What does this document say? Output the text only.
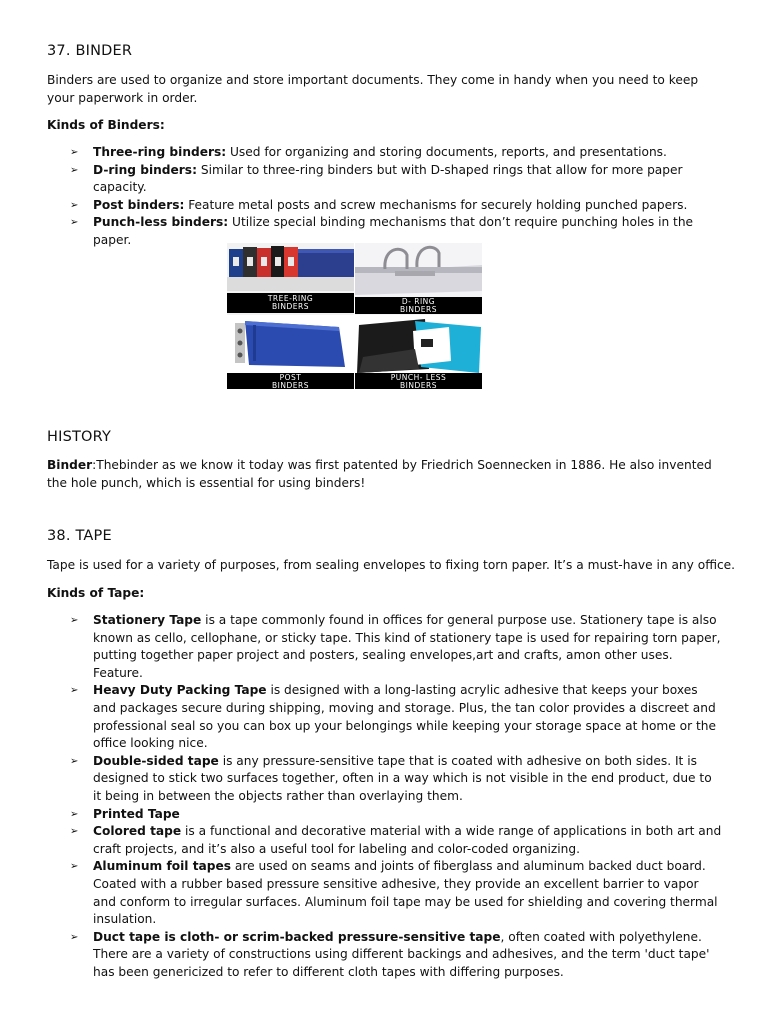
37. BINDER

Binders are used to organize and store important documents. They come in handy when you need to keep your paperwork in order.

Kinds of Binders:

➢ Three-ring binders: Used for organizing and storing documents, reports, and presentations.
➢ D-ring binders: Similar to three-ring binders but with D-shaped rings that allow for more paper capacity.
➢ Post binders: Feature metal posts and screw mechanisms for securely holding punched papers.
➢ Punch-less binders: Utilize special binding mechanisms that don’t require punching holes in the paper.
TREE-RING
BINDERS	D- RING
BINDERS
POST
BINDERS
PUNCH- LESS
BINDERS
HISTORY

Binder:Thebinder as we know it today was first patented by Friedrich Soennecken in 1886. He also invented the hole punch, which is essential for using binders!

38. TAPE

Tape is used for a variety of purposes, from sealing envelopes to fixing torn paper. It’s a must-have in any office.

Kinds of Tape:

➢ Stationery Tape is a tape commonly found in offices for general purpose use. Stationery tape is also known as cello, cellophane, or sticky tape. This kind of stationery tape is used for repairing torn paper, putting together paper project and posters, sealing envelopes,art and crafts, amon other uses. Feature.
➢ Heavy Duty Packing Tape is designed with a long-lasting acrylic adhesive that keeps your boxes and packages secure during shipping, moving and storage. Plus, the tan color provides a discreet and professional seal so you can box up your belongings while keeping your storage space at home or the office looking nice.
➢ Double-sided tape is any pressure-sensitive tape that is coated with adhesive on both sides. It is designed to stick two surfaces together, often in a way which is not visible in the end product, due to it being in between the objects rather than overlaying them.
➢ Printed Tape
➢ Colored tape is a functional and decorative material with a wide range of applications in both art and craft projects, and it’s also a useful tool for labeling and color-coded organizing.
➢ Aluminum foil tapes are used on seams and joints of fiberglass and aluminum backed duct board. Coated with a rubber based pressure sensitive adhesive, they provide an excellent barrier to vapor and conform to irregular surfaces. Aluminum foil tape may be used for shielding and covering thermal insulation.
➢ Duct tape is cloth- or scrim-backed pressure-sensitive tape, often coated with polyethylene. There are a variety of constructions using different backings and adhesives, and the term 'duct tape' has been genericized to refer to different cloth tapes with differing purposes.
